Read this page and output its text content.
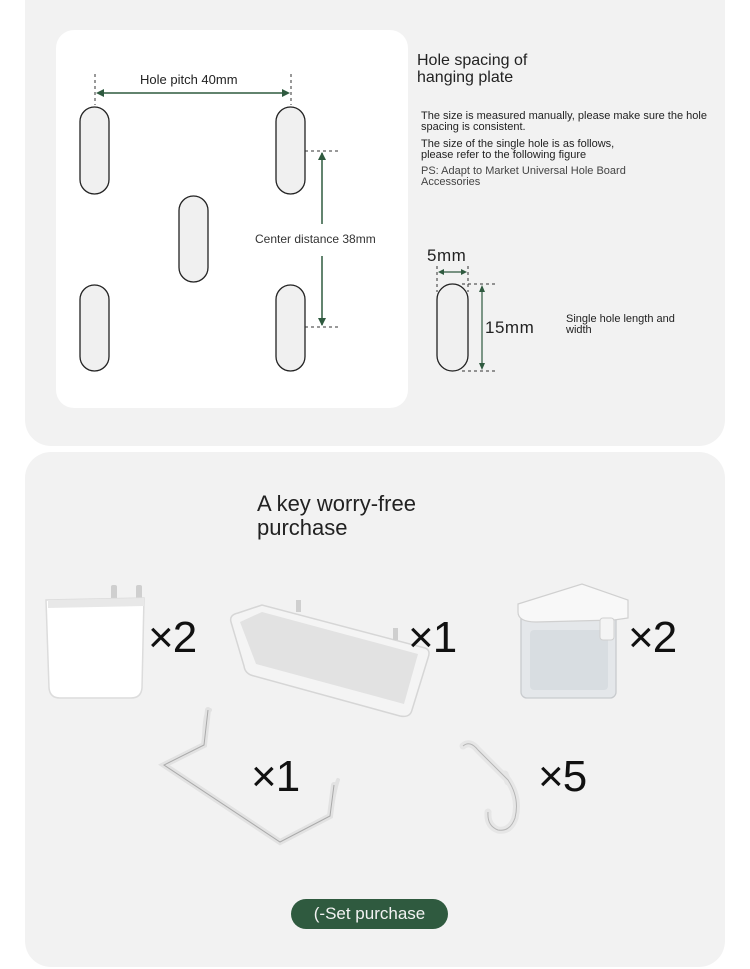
Hole pitch 40mm
Center distance 38mm
Hole spacing of hanging plate
The size is measured manually, please make sure the hole spacing is consistent.
The size of the single hole is as follows, please refer to the following figure
PS: Adapt to Market Universal Hole Board Accessories
5mm
15mm	Single hole length and width
A key worry-free purchase
×2	×1	×2
×1	×5
(-Set purchase
